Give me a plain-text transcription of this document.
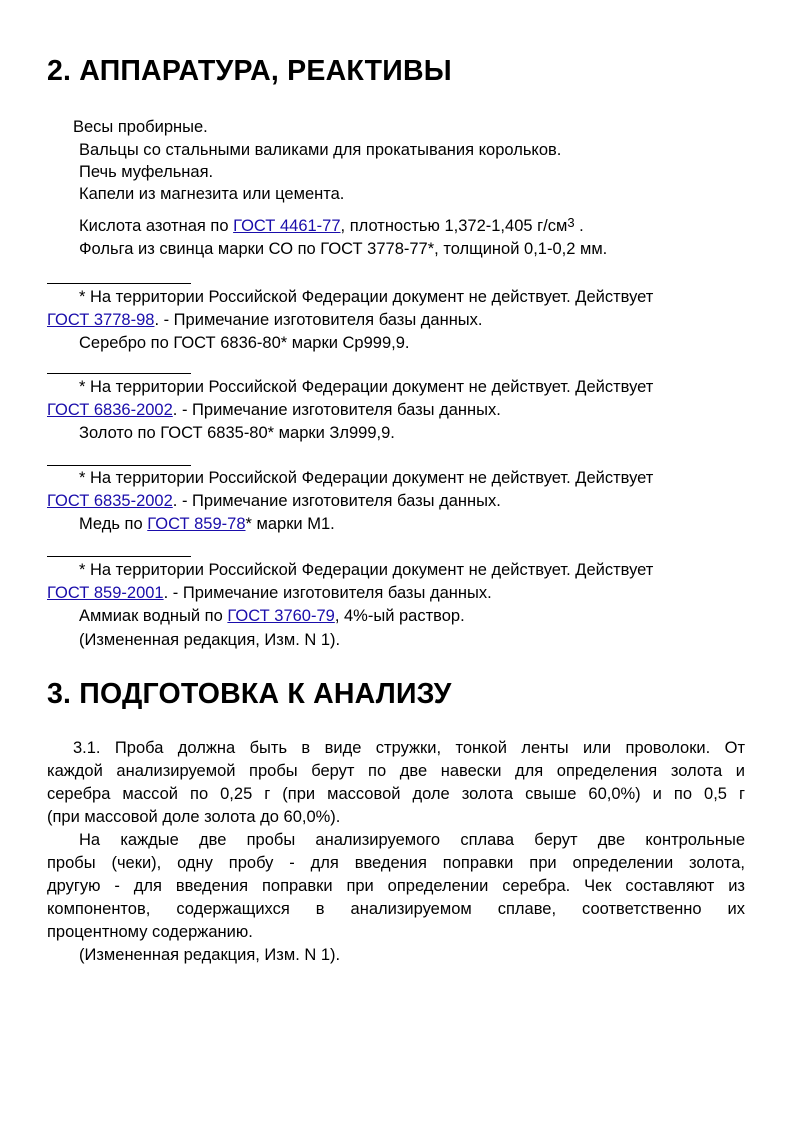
2. АППАРАТУРА, РЕАКТИВЫ
Весы пробирные.
Вальцы со стальными валиками для прокатывания корольков.
Печь муфельная.
Капели из магнезита или цемента.
Кислота азотная по ГОСТ 4461-77, плотностью 1,372-1,405 $г/см^3$ .
Фольга из свинца марки СО по ГОСТ 3778-77*, толщиной 0,1-0,2 мм.
* На территории Российской Федерации документ не действует. Действует
ГОСТ 3778-98. - Примечание изготовителя базы данных.
Серебро по ГОСТ 6836-80* марки Ср999,9.
* На территории Российской Федерации документ не действует. Действует
ГОСТ 6836-2002. - Примечание изготовителя базы данных.
Золото по ГОСТ 6835-80* марки Зл999,9.
* На территории Российской Федерации документ не действует. Действует
ГОСТ 6835-2002. - Примечание изготовителя базы данных.
Медь по ГОСТ 859-78* марки М1.
* На территории Российской Федерации документ не действует. Действует
ГОСТ 859-2001. - Примечание изготовителя базы данных.
Аммиак водный по ГОСТ 3760-79, 4%-ый раствор.
(Измененная редакция, Изм. N 1).
3. ПОДГОТОВКА К АНАЛИЗУ
3.1. Проба должна быть в виде стружки, тонкой ленты или проволоки. От
каждой анализируемой пробы берут по две навески для определения золота и
серебра массой по 0,25 г (при массовой доле золота свыше 60,0%) и по 0,5 г
(при массовой доле золота до 60,0%).
На каждые две пробы анализируемого сплава берут две контрольные
пробы (чеки), одну пробу - для введения поправки при определении золота,
другую - для введения поправки при определении серебра. Чек составляют из
компонентов, содержащихся в анализируемом сплаве, соответственно их
процентному содержанию.
(Измененная редакция, Изм. N 1).
